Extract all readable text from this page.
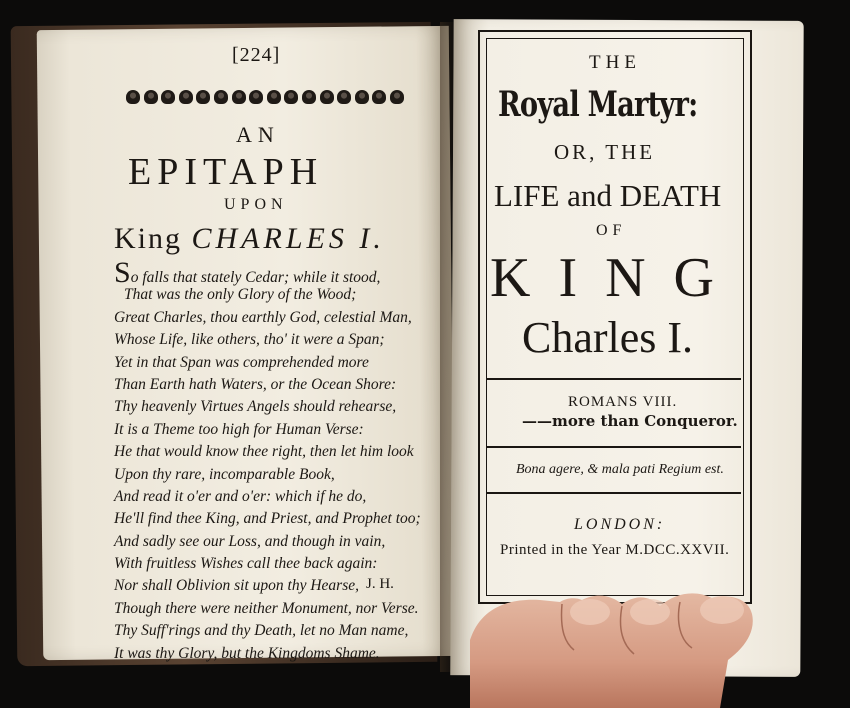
[224]
AN
EPITAPH
UPON
King CHARLES I.
So falls that stately Cedar; while it stood,
That was the only Glory of the Wood;
Great Charles, thou earthly God, celestial Man,
Whose Life, like others, tho' it were a Span;
Yet in that Span was comprehended more
Than Earth hath Waters, or the Ocean Shore:
Thy heavenly Virtues Angels should rehearse,
It is a Theme too high for Human Verse:
He that would know thee right, then let him look
Upon thy rare, incomparable Book,
And read it o'er and o'er: which if he do,
He'll find thee King, and Priest, and Prophet too;
And sadly see our Loss, and though in vain,
With fruitless Wishes call thee back again:
Nor shall Oblivion sit upon thy Hearse,
Though there were neither Monument, nor Verse.
Thy Suff'rings and thy Death, let no Man name,
It was thy Glory, but the Kingdoms Shame.
J. H.
THE
Royal Martyr:
OR, THE
LIFE and DEATH
OF
KING
Charles I.
ROMANS VIII.
——more than Conqueror.
Bona agere, & mala pati Regium est.
LONDON:
Printed in the Year M.DCC.XXVII.
